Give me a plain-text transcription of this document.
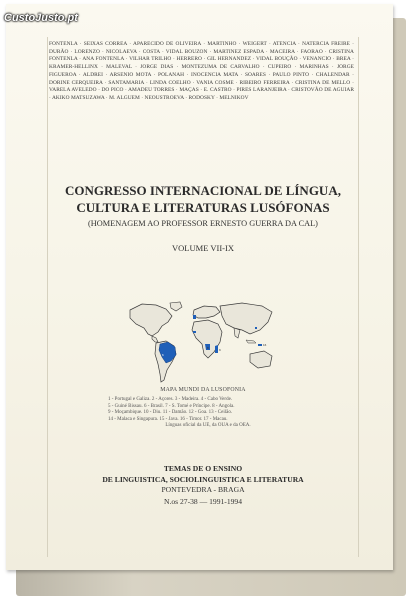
CustoJusto.pt
FONTENLA · SEIXAS CORREA · APARECIDO DE OLIVEIRA · MARTINHO · WEIGERT · ATENCIA · NATERCIA FREIRE · DURÃO · LORENZO · NICOLAEVA · COSTA · VIDAL BOUZON · MARTINEZ ESPADA · MACEIRA · FAORAO · CRISTINA FONTENLA · ANA FONTENLA · VILHAR TRILHO · HERRERO · GIL HERNANDEZ · VIDAL BOUÇÃO · VENANCIO · BREA · KRAMER-HELLINX · MALEVAL · JORGE DIAS · MONTEZUMA DE CARVALHO · CUPEIRO · MARINHAS · JORGE FIGUEROA · ALDREI · ARSENIO MOTA · POLANAH · INOCENCIA MATA · SOARES · PAULO PINTO · CHALENDAR · DORINE CERQUEIRA · SANTAMARIA · LINDA COELHO · VANIA COSME · RIBEIRO FERREIRA · CRISTINA DE MELLO · VARELA AVELEDO · DO PICO · AMADEU TORRES · MAÇAS · E. CASTRO · PIRES LARANJEIRA · CRISTOVÃO DE AGUIAR · AKIKO MATSUZAWA · M. ALGUEM · NEOUSTROEVA · RODOSKY · MELNIKOV
CONGRESSO INTERNACIONAL DE LÍNGUA,
CULTURA E LITERATURAS LUSÓFONAS
(HOMENAGEM AO PROFESSOR ERNESTO GUERRA DA CAL)
VOLUME VII-IX
6
8	9
16
MAPA MUNDI DA LUSOFONIA
1 - Portugal e Galiza. 2 - Açores. 3 - Madeira. 4 - Cabo Verde.
5 - Guiné Bissau. 6 - Brasil. 7 - S. Tomé e Príncipe. 8 - Angola.
9 - Moçambique. 10 - Diu. 11 - Damão. 12 - Goa. 13 - Ceilão.
14 - Malaca e Singapura. 15 - Java. 16 - Timor. 17 - Macau.
Línguas oficial da UE, da OUA e da OEA.
TEMAS DE O ENSINO
DE LINGUISTICA, SOCIOLINGUISTICA E LITERATURA
PONTEVEDRA - BRAGA
N.os 27-38 — 1991-1994
